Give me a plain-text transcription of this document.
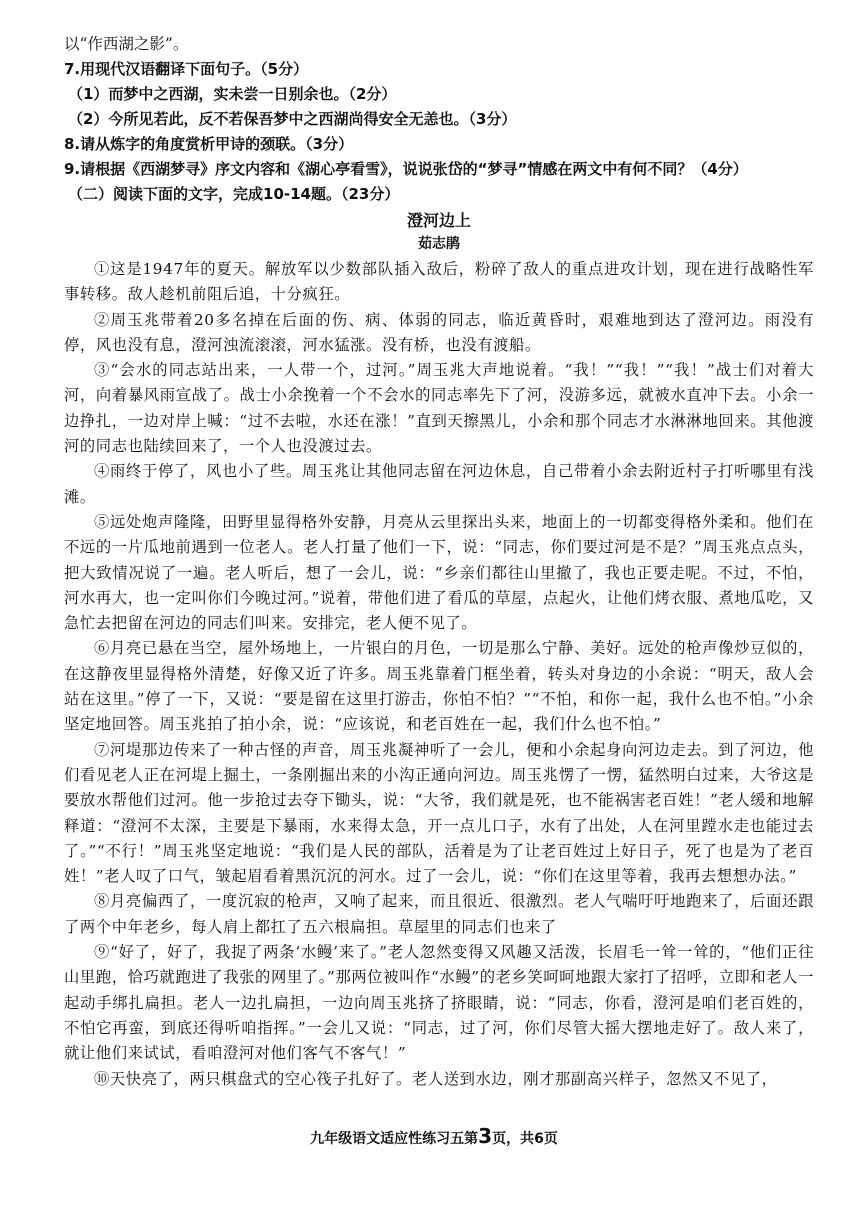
以“作西湖之影”。
7.用现代汉语翻译下面句子。（5分）
（1）而梦中之西湖，实未尝一日别余也。（2分）
（2）今所见若此，反不若保吾梦中之西湖尚得安全无恙也。（3分）
8.请从炼字的角度赏析甲诗的颈联。（3分）
9.请根据《西湖梦寻》序文内容和《湖心亭看雪》，说说张岱的“梦寻”情感在两文中有何不同？（4分）
（二）阅读下面的文字，完成10-14题。（23分）
澄河边上
茹志鹃

①这是1947年的夏天。解放军以少数部队插入敌后，粉碎了敌人的重点进攻计划，现在进行战略性军事转移。敌人趁机前阻后追，十分疯狂。

②周玉兆带着20多名掉在后面的伤、病、体弱的同志，临近黄昏时，艰难地到达了澄河边。雨没有停，风也没有息，澄河浊流滚滚，河水猛涨。没有桥，也没有渡船。

③“会水的同志站出来，一人带一个，过河。”周玉兆大声地说着。“我！”“我！”“我！”战士们对着大河，向着暴风雨宣战了。战士小余挽着一个不会水的同志率先下了河，没游多远，就被水直冲下去。小余一边挣扎，一边对岸上喊：“过不去啦，水还在涨！”直到天擦黑儿，小余和那个同志才水淋淋地回来。其他渡河的同志也陆续回来了，一个人也没渡过去。

④雨终于停了，风也小了些。周玉兆让其他同志留在河边休息，自己带着小余去附近村子打听哪里有浅滩。

⑤远处炮声隆隆，田野里显得格外安静，月亮从云里探出头来，地面上的一切都变得格外柔和。他们在不远的一片瓜地前遇到一位老人。老人打量了他们一下，说：“同志，你们要过河是不是？”周玉兆点点头，把大致情况说了一遍。老人听后，想了一会儿，说：“乡亲们都往山里撤了，我也正要走呢。不过，不怕，河水再大，也一定叫你们今晚过河。”说着，带他们进了看瓜的草屋，点起火，让他们烤衣服、煮地瓜吃，又急忙去把留在河边的同志们叫来。安排完，老人便不见了。

⑥月亮已悬在当空，屋外场地上，一片银白的月色，一切是那么宁静、美好。远处的枪声像炒豆似的，在这静夜里显得格外清楚，好像又近了许多。周玉兆靠着门框坐着，转头对身边的小余说：“明天，敌人会站在这里。”停了一下，又说：“要是留在这里打游击，你怕不怕？”“不怕，和你一起，我什么也不怕。”小余坚定地回答。周玉兆拍了拍小余，说：“应该说，和老百姓在一起，我们什么也不怕。”

⑦河堤那边传来了一种古怪的声音，周玉兆凝神听了一会儿，便和小余起身向河边走去。到了河边，他们看见老人正在河堤上掘土，一条刚掘出来的小沟正通向河边。周玉兆愣了一愣，猛然明白过来，大爷这是要放水帮他们过河。他一步抢过去夺下锄头，说：“大爷，我们就是死，也不能祸害老百姓！”老人缓和地解释道：“澄河不太深，主要是下暴雨，水来得太急，开一点儿口子，水有了出处，人在河里蹚水走也能过去了。”“不行！”周玉兆坚定地说：“我们是人民的部队，活着是为了让老百姓过上好日子，死了也是为了老百姓！”老人叹了口气，皱起眉看着黑沉沉的河水。过了一会儿，说：“你们在这里等着，我再去想想办法。”

⑧月亮偏西了，一度沉寂的枪声，又响了起来，而且很近、很激烈。老人气喘吁吁地跑来了，后面还跟了两个中年老乡，每人肩上都扛了五六根扁担。草屋里的同志们也来了

⑨“好了，好了，我捉了两条‘水鳗’来了。”老人忽然变得又风趣又活泼，长眉毛一耸一耸的，“他们正往山里跑，恰巧就跑进了我张的网里了。”那两位被叫作“水鳗”的老乡笑呵呵地跟大家打了招呼，立即和老人一起动手绑扎扁担。老人一边扎扁担，一边向周玉兆挤了挤眼睛，说：“同志，你看，澄河是咱们老百姓的，不怕它再蛮，到底还得听咱指挥。”一会儿又说：“同志，过了河，你们尽管大摇大摆地走好了。敌人来了，就让他们来试试，看咱澄河对他们客气不客气！”

⑩天快亮了，两只棋盘式的空心筏子扎好了。老人送到水边，刚才那副高兴样子，忽然又不见了，

九年级语文适应性练习五第3页，共6页
